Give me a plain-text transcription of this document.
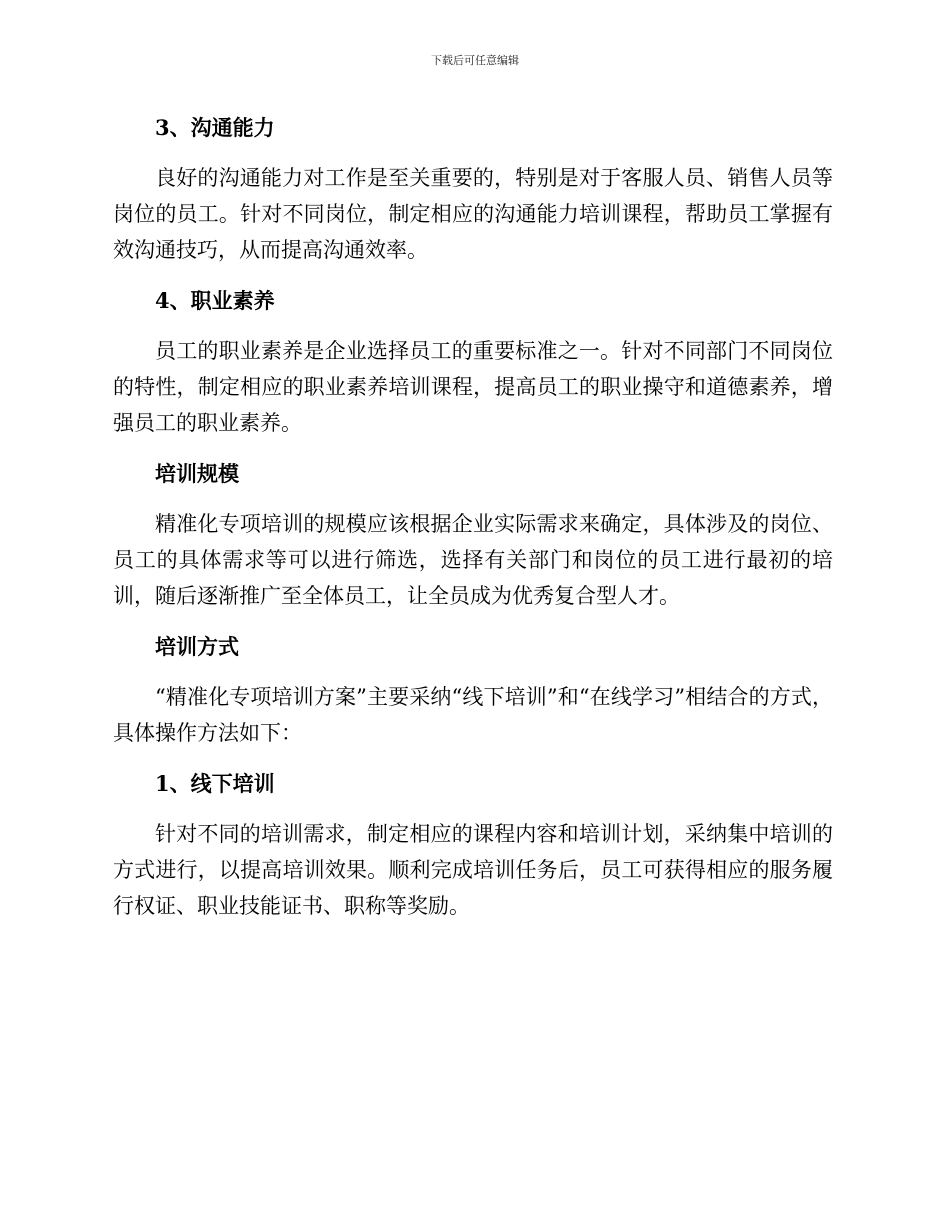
下载后可任意编辑
3、沟通能力

良好的沟通能力对工作是至关重要的，特别是对于客服人员、销售人员等岗位的员工。针对不同岗位，制定相应的沟通能力培训课程，帮助员工掌握有效沟通技巧，从而提高沟通效率。

4、职业素养

员工的职业素养是企业选择员工的重要标准之一。针对不同部门不同岗位的特性，制定相应的职业素养培训课程，提高员工的职业操守和道德素养，增强员工的职业素养。

培训规模

精准化专项培训的规模应该根据企业实际需求来确定，具体涉及的岗位、员工的具体需求等可以进行筛选，选择有关部门和岗位的员工进行最初的培训，随后逐渐推广至全体员工，让全员成为优秀复合型人才。

培训方式

“精准化专项培训方案”主要采纳“线下培训”和“在线学习”相结合的方式，具体操作方法如下：

1、线下培训

针对不同的培训需求，制定相应的课程内容和培训计划，采纳集中培训的方式进行，以提高培训效果。顺利完成培训任务后，员工可获得相应的服务履行权证、职业技能证书、职称等奖励。
